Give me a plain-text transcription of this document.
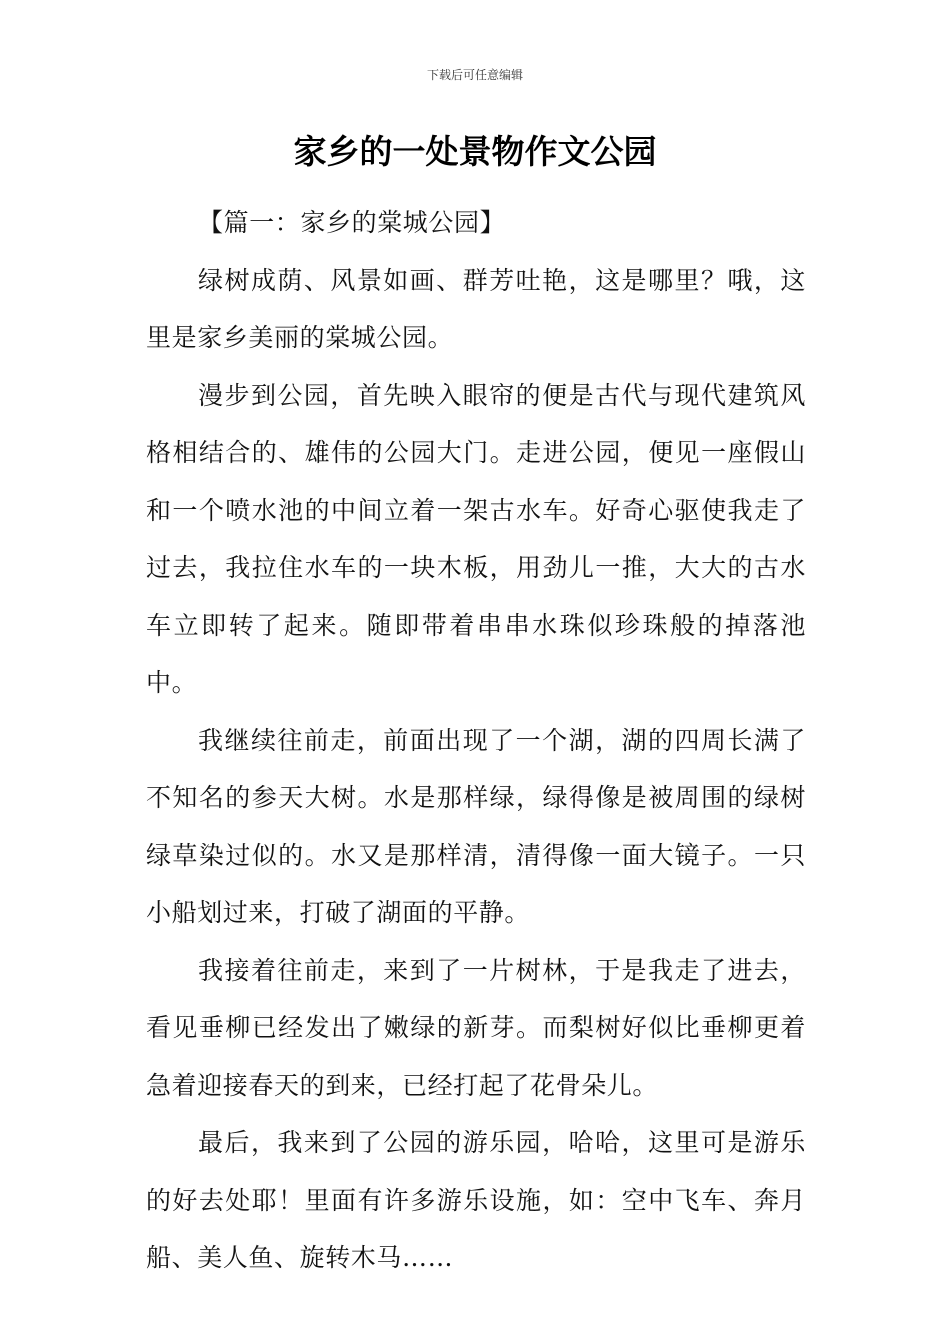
下载后可任意编辑
家乡的一处景物作文公园

【篇一：家乡的棠城公园】

绿树成荫、风景如画、群芳吐艳，这是哪里？哦，这里是家乡美丽的棠城公园。

漫步到公园，首先映入眼帘的便是古代与现代建筑风格相结合的、雄伟的公园大门。走进公园，便见一座假山和一个喷水池的中间立着一架古水车。好奇心驱使我走了过去，我拉住水车的一块木板，用劲儿一推，大大的古水车立即转了起来。随即带着串串水珠似珍珠般的掉落池中。

我继续往前走，前面出现了一个湖，湖的四周长满了不知名的参天大树。水是那样绿，绿得像是被周围的绿树绿草染过似的。水又是那样清，清得像一面大镜子。一只小船划过来，打破了湖面的平静。

我接着往前走，来到了一片树林，于是我走了进去，看见垂柳已经发出了嫩绿的新芽。而梨树好似比垂柳更着急着迎接春天的到来，已经打起了花骨朵儿。

最后，我来到了公园的游乐园，哈哈，这里可是游乐的好去处耶！里面有许多游乐设施，如：空中飞车、奔月船、美人鱼、旋转木马……
